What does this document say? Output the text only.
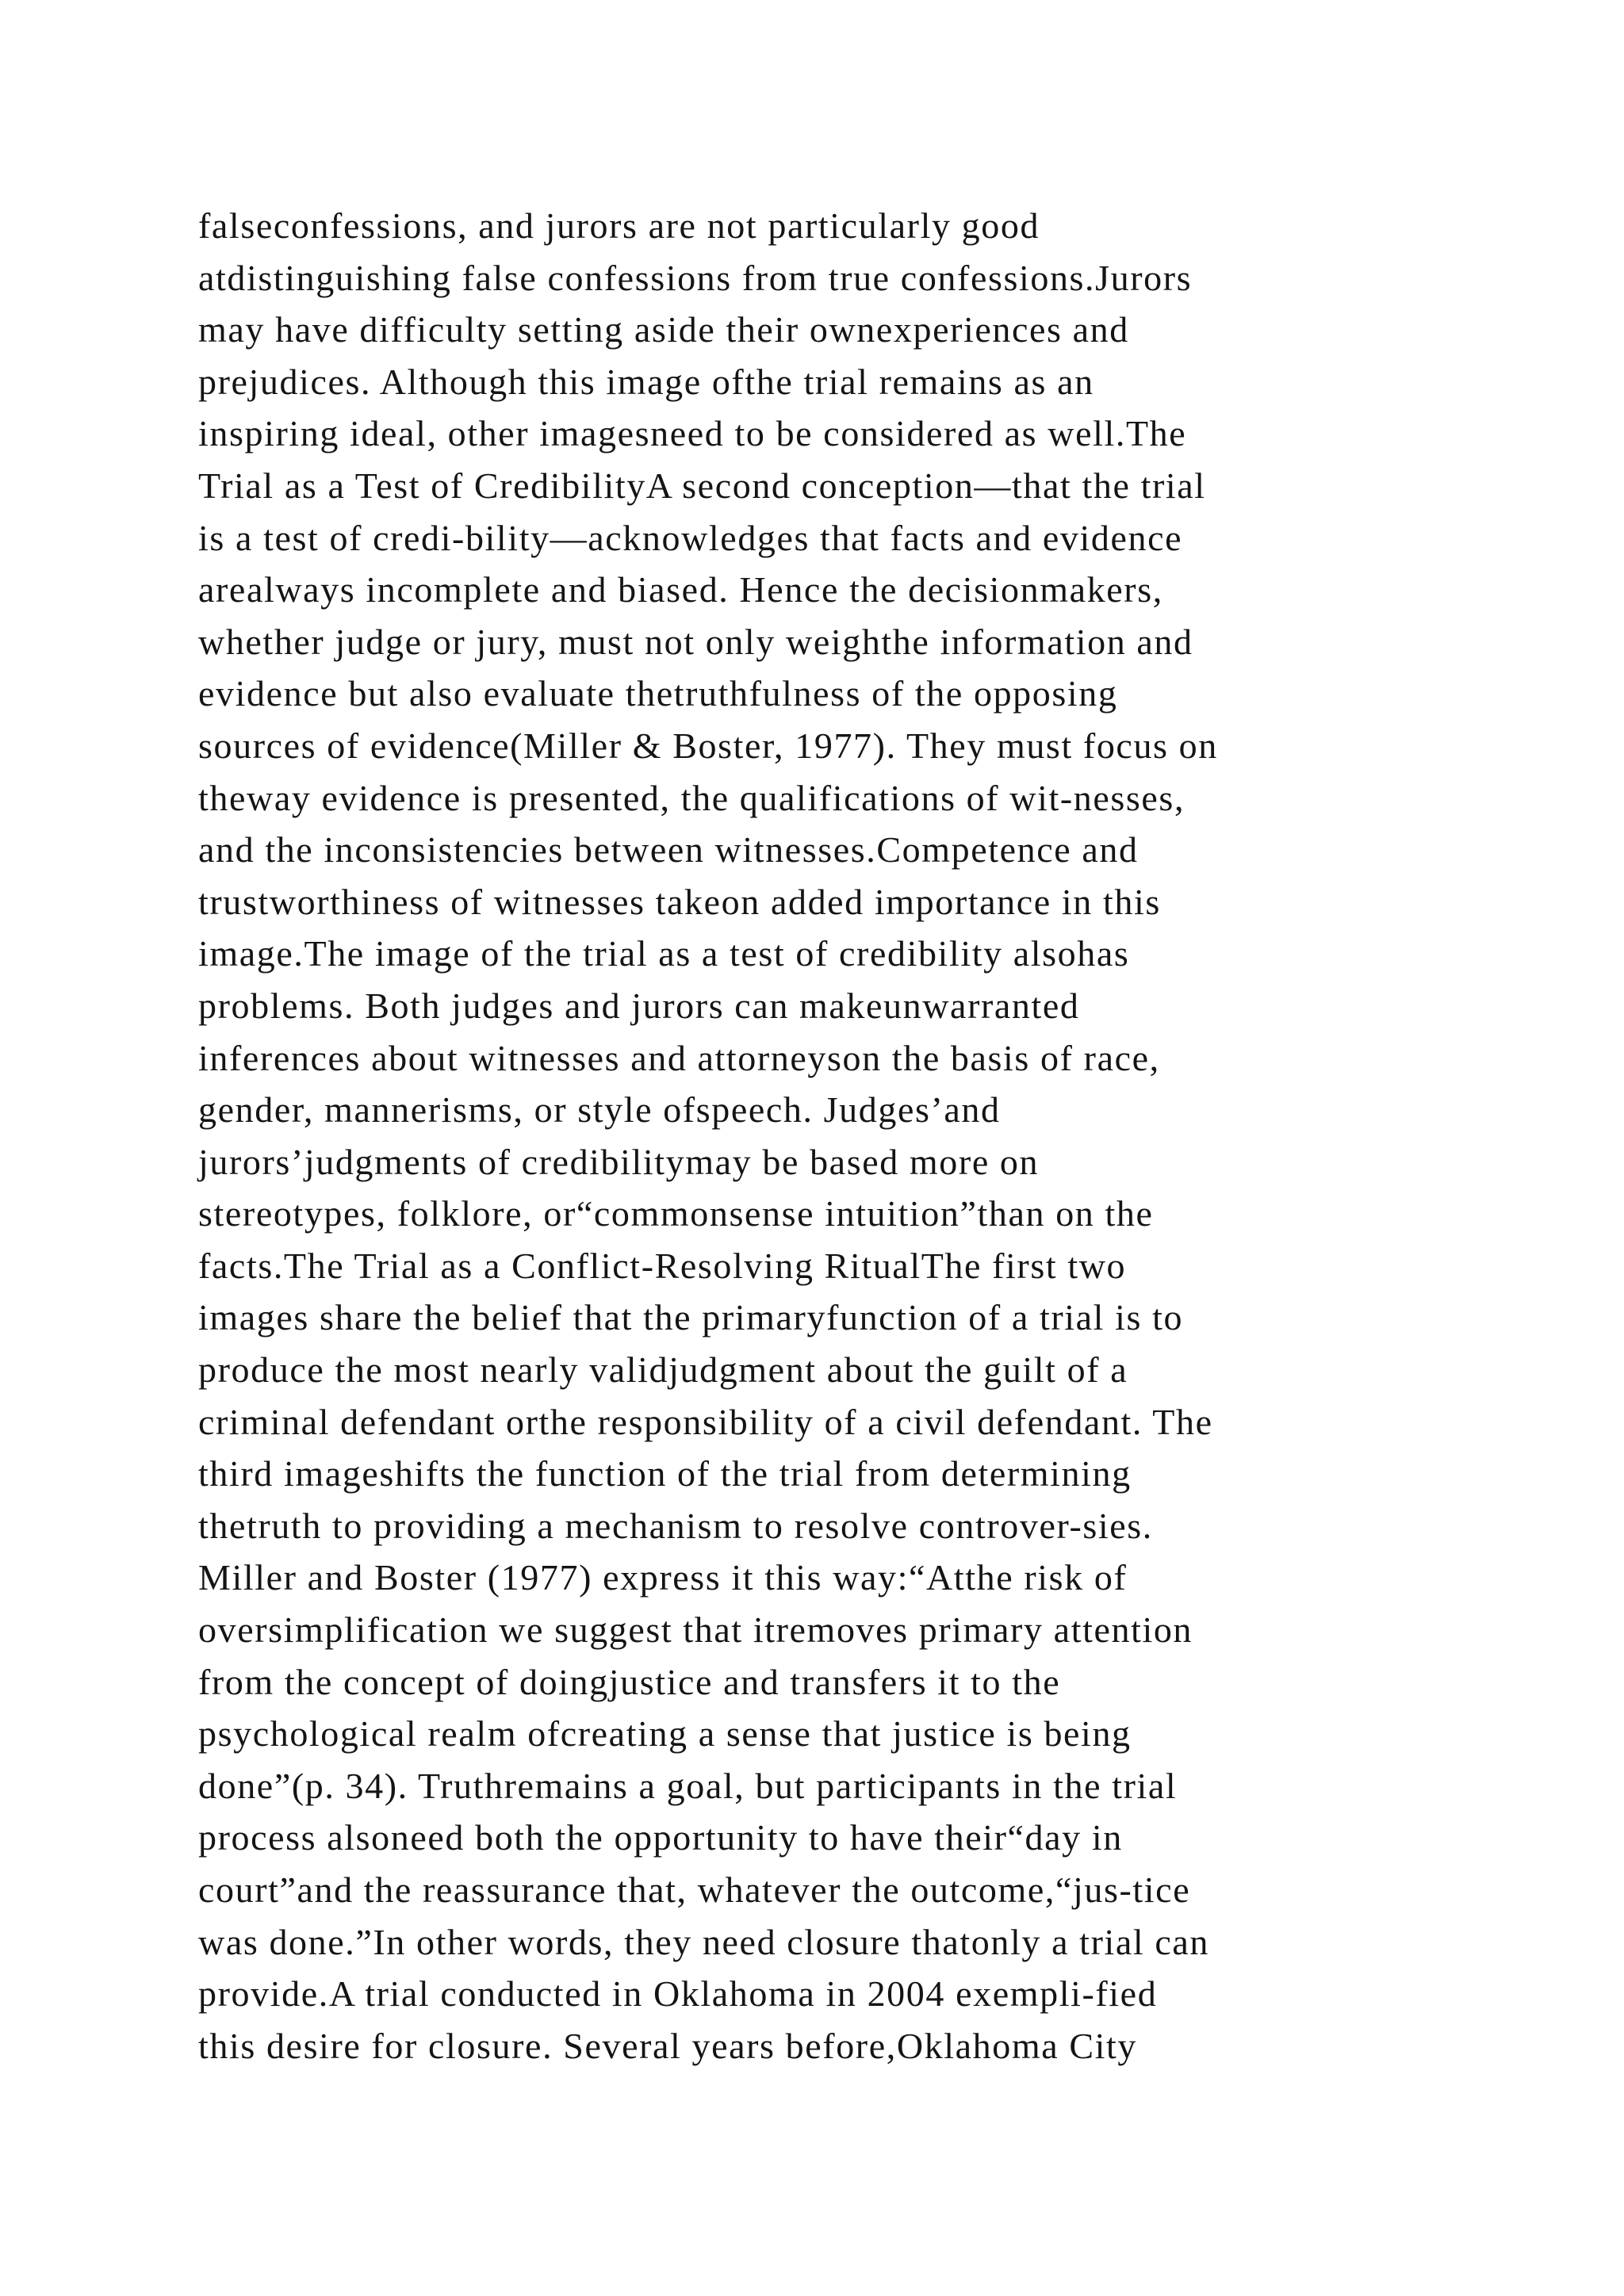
falseconfessions, and jurors are not particularly good
atdistinguishing false confessions from true confessions.Jurors
may have difficulty setting aside their ownexperiences and
prejudices. Although this image ofthe trial remains as an
inspiring ideal, other imagesneed to be considered as well.The
Trial as a Test of CredibilityA second conception—that the trial
is a test of credi-bility—acknowledges that facts and evidence
arealways incomplete and biased. Hence the decisionmakers,
whether judge or jury, must not only weighthe information and
evidence but also evaluate thetruthfulness of the opposing
sources of evidence(Miller & Boster, 1977). They must focus on
theway evidence is presented, the qualifications of wit-nesses,
and the inconsistencies between witnesses.Competence and
trustworthiness of witnesses takeon added importance in this
image.The image of the trial as a test of credibility alsohas
problems. Both judges and jurors can makeunwarranted
inferences about witnesses and attorneyson the basis of race,
gender, mannerisms, or style ofspeech. Judges’and
jurors’judgments of credibilitymay be based more on
stereotypes, folklore, or“commonsense intuition”than on the
facts.The Trial as a Conflict-Resolving RitualThe first two
images share the belief that the primaryfunction of a trial is to
produce the most nearly validjudgment about the guilt of a
criminal defendant orthe responsibility of a civil defendant. The
third imageshifts the function of the trial from determining
thetruth to providing a mechanism to resolve controver-sies.
Miller and Boster (1977) express it this way:“Atthe risk of
oversimplification we suggest that itremoves primary attention
from the concept of doingjustice and transfers it to the
psychological realm ofcreating a sense that justice is being
done”(p. 34). Truthremains a goal, but participants in the trial
process alsoneed both the opportunity to have their“day in
court”and the reassurance that, whatever the outcome,“jus-tice
was done.”In other words, they need closure thatonly a trial can
provide.A trial conducted in Oklahoma in 2004 exempli-fied
this desire for closure. Several years before,Oklahoma City
